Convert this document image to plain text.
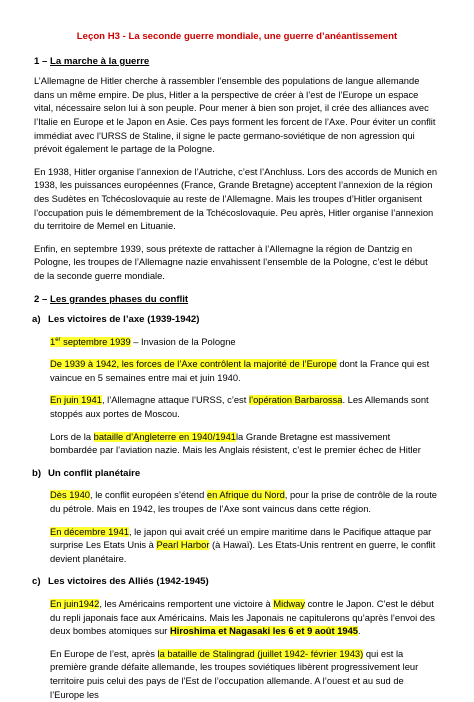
Leçon H3 - La seconde guerre mondiale, une guerre d’anéantissement
1 – La marche à la guerre

L’Allemagne de Hitler cherche à rassembler l’ensemble des populations de langue allemande dans un même empire. De plus, Hitler a la perspective de créer à l’est de l’Europe un espace vital, nécessaire selon lui à son peuple. Pour mener à bien son projet, il crée des alliances avec l’Italie en Europe et le Japon en Asie. Ces pays forment les forcent de l’Axe. Pour éviter un conflit immédiat avec l’URSS de Staline, il signe le pacte germano-soviétique de non agression qui prévoit également le partage de la Pologne.

En 1938, Hitler organise l’annexion de l’Autriche, c’est l’Anchluss. Lors des accords de Munich en 1938, les puissances européennes (France, Grande Bretagne) acceptent l’annexion de la région des Sudètes en Tchécoslovaquie au reste de l’Allemagne. Mais les troupes d’Hitler organisent l’occupation puis le démembrement de la Tchécoslovaquie. Peu après, Hitler organise l’annexion du territoire de Memel en Lituanie.

Enfin, en septembre 1939, sous prétexte de rattacher à l’Allemagne la région de Dantzig en Pologne, les troupes de l’Allemagne nazie envahissent l’ensemble de la Pologne, c’est le début de la seconde guerre mondiale.

2 – Les grandes phases du conflit
a) Les victoires de l’axe (1939-1942)

1er septembre 1939 – Invasion de la Pologne

De 1939 à 1942, les forces de l’Axe contrôlent la majorité de l’Europe dont la France qui est vaincue en 5 semaines entre mai et juin 1940.

En juin 1941, l’Allemagne attaque l’URSS, c’est l’opération Barbarossa. Les Allemands sont stoppés aux portes de Moscou.

Lors de la bataille d’Angleterre en 1940/1941la Grande Bretagne est massivement bombardée par l’aviation nazie. Mais les Anglais résistent, c’est le premier échec de Hitler

b) Un conflit planétaire

Dès 1940, le conflit européen s’étend en Afrique du Nord, pour la prise de contrôle de la route du pétrole. Mais en 1942, les troupes de l’Axe sont vaincus dans cette région.

En décembre 1941, le japon qui avait créé un empire maritime dans le Pacifique attaque par surprise Les Etats Unis à Pearl Harbor (à Hawaï). Les Etats-Unis rentrent en guerre, le conflit devient planétaire.

c) Les victoires des Alliés (1942-1945)

En juin1942, les Américains remportent une victoire à Midway contre le Japon. C’est le début du repli japonais face aux Américains. Mais les Japonais ne capitulerons qu’après l’envoi des deux bombes atomiques sur Hiroshima et Nagasaki les 6 et 9 août 1945.

En Europe de l’est, après la bataille de Stalingrad (juillet 1942- février 1943) qui est la première grande défaite allemande, les troupes soviétiques libèrent progressivement leur territoire puis celui des pays de l’Est de l’occupation allemande. A l’ouest et au sud de l’Europe les
